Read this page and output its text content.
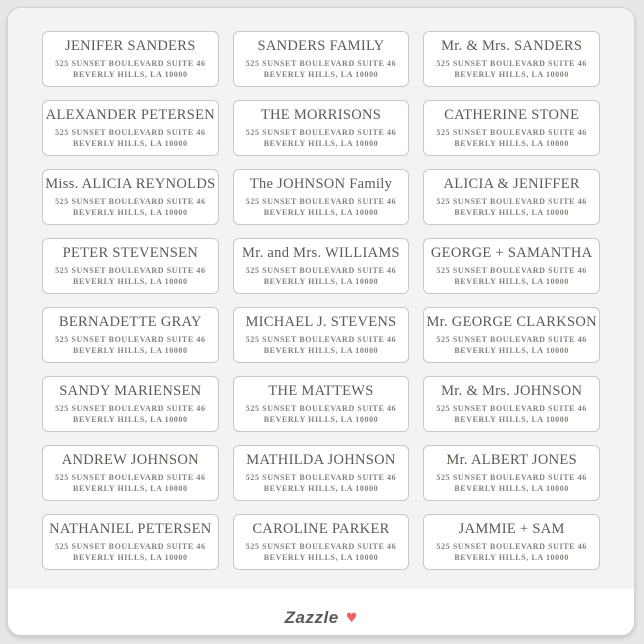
JENIFER SANDERS
525 SUNSET BOULEVARD SUITE 46
BEVERLY HILLS, LA 10000
SANDERS FAMILY
525 SUNSET BOULEVARD SUITE 46
BEVERLY HILLS, LA 10000
Mr. & Mrs. SANDERS
525 SUNSET BOULEVARD SUITE 46
BEVERLY HILLS, LA 10000
ALEXANDER PETERSEN
525 SUNSET BOULEVARD SUITE 46
BEVERLY HILLS, LA 10000
THE MORRISONS
525 SUNSET BOULEVARD SUITE 46
BEVERLY HILLS, LA 10000
CATHERINE STONE
525 SUNSET BOULEVARD SUITE 46
BEVERLY HILLS, LA 10000
Miss. ALICIA REYNOLDS
525 SUNSET BOULEVARD SUITE 46
BEVERLY HILLS, LA 10000
The JOHNSON Family
525 SUNSET BOULEVARD SUITE 46
BEVERLY HILLS, LA 10000
ALICIA & JENIFFER
525 SUNSET BOULEVARD SUITE 46
BEVERLY HILLS, LA 10000
PETER STEVENSEN
525 SUNSET BOULEVARD SUITE 46
BEVERLY HILLS, LA 10000
Mr. and Mrs. WILLIAMS
525 SUNSET BOULEVARD SUITE 46
BEVERLY HILLS, LA 10000
GEORGE + SAMANTHA
525 SUNSET BOULEVARD SUITE 46
BEVERLY HILLS, LA 10000
BERNADETTE GRAY
525 SUNSET BOULEVARD SUITE 46
BEVERLY HILLS, LA 10000
MICHAEL J. STEVENS
525 SUNSET BOULEVARD SUITE 46
BEVERLY HILLS, LA 10000
Mr. GEORGE CLARKSON
525 SUNSET BOULEVARD SUITE 46
BEVERLY HILLS, LA 10000
SANDY MARIENSEN
525 SUNSET BOULEVARD SUITE 46
BEVERLY HILLS, LA 10000
THE MATTEWS
525 SUNSET BOULEVARD SUITE 46
BEVERLY HILLS, LA 10000
Mr. & Mrs. JOHNSON
525 SUNSET BOULEVARD SUITE 46
BEVERLY HILLS, LA 10000
ANDREW JOHNSON
525 SUNSET BOULEVARD SUITE 46
BEVERLY HILLS, LA 10000
MATHILDA JOHNSON
525 SUNSET BOULEVARD SUITE 46
BEVERLY HILLS, LA 10000
Mr. ALBERT JONES
525 SUNSET BOULEVARD SUITE 46
BEVERLY HILLS, LA 10000
NATHANIEL PETERSEN
525 SUNSET BOULEVARD SUITE 46
BEVERLY HILLS, LA 10000
CAROLINE PARKER
525 SUNSET BOULEVARD SUITE 46
BEVERLY HILLS, LA 10000
JAMMIE + SAM
525 SUNSET BOULEVARD SUITE 46
BEVERLY HILLS, LA 10000
Zazzle ♥
